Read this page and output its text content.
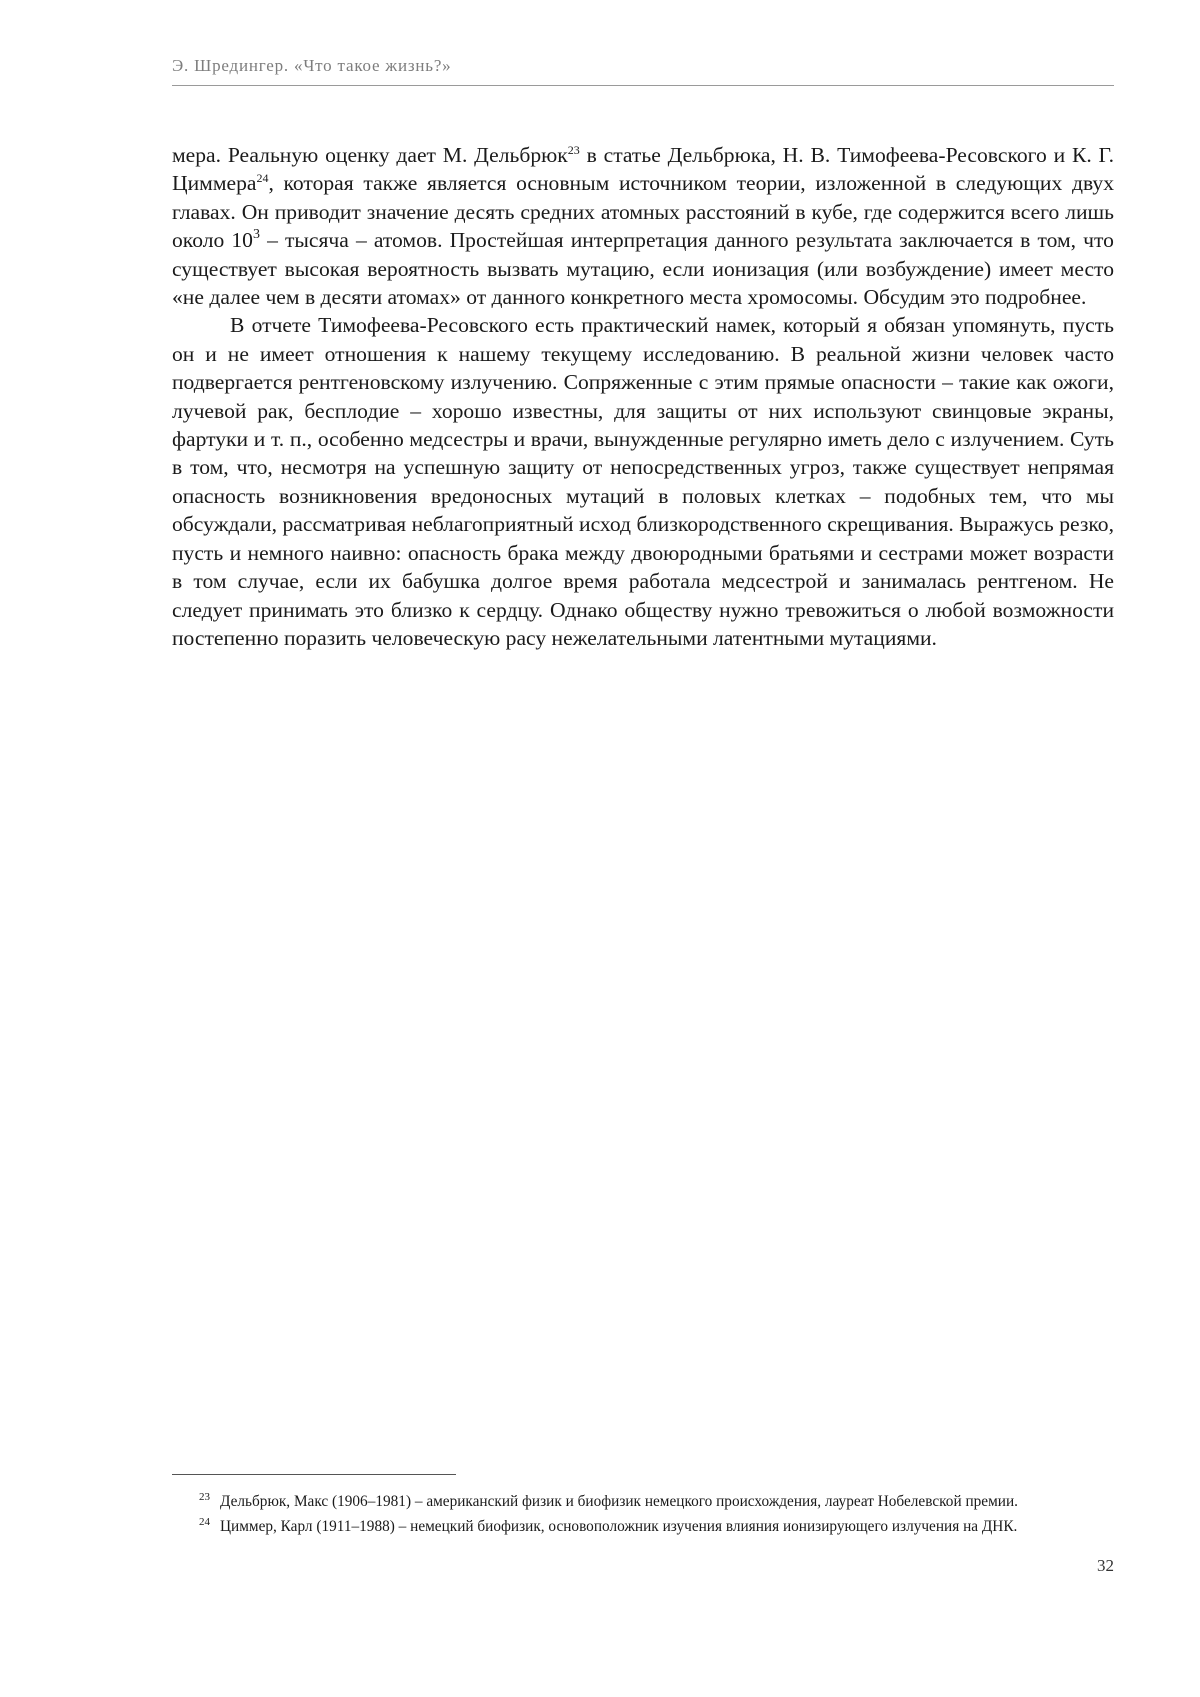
Э. Шредингер. «Что такое жизнь?»

мера. Реальную оценку дает М. Дельбрюк$^{23}$ в статье Дельбрюка, Н. В. Тимофеева-Ресовского и К. Г. Циммера$^{24}$, которая также является основным источником теории, изложенной в следующих двух главах. Он приводит значение десять средних атомных расстояний в кубе, где содержится всего лишь около $10^3$ – тысяча – атомов. Простейшая интерпретация данного результата заключается в том, что существует высокая вероятность вызвать мутацию, если ионизация (или возбуждение) имеет место «не далее чем в десяти атомах» от данного конкретного места хромосомы. Обсудим это подробнее.

В отчете Тимофеева-Ресовского есть практический намек, который я обязан упомянуть, пусть он и не имеет отношения к нашему текущему исследованию. В реальной жизни человек часто подвергается рентгеновскому излучению. Сопряженные с этим прямые опасности – такие как ожоги, лучевой рак, бесплодие – хорошо известны, для защиты от них используют свинцовые экраны, фартуки и т. п., особенно медсестры и врачи, вынужденные регулярно иметь дело с излучением. Суть в том, что, несмотря на успешную защиту от непосредственных угроз, также существует непрямая опасность возникновения вредоносных мутаций в половых клетках – подобных тем, что мы обсуждали, рассматривая неблагоприятный исход близкородственного скрещивания. Выражусь резко, пусть и немного наивно: опасность брака между двоюродными братьями и сестрами может возрасти в том случае, если их бабушка долгое время работала медсестрой и занималась рентгеном. Не следует принимать это близко к сердцу. Однако обществу нужно тревожиться о любой возможности постепенно поразить человеческую расу нежелательными латентными мутациями.

$^{23}$ Дельбрюк, Макс (1906–1981) – американский физик и биофизик немецкого происхождения, лауреат Нобелевской премии.

$^{24}$ Циммер, Карл (1911–1988) – немецкий биофизик, основоположник изучения влияния ионизирующего излучения на ДНК.

32
